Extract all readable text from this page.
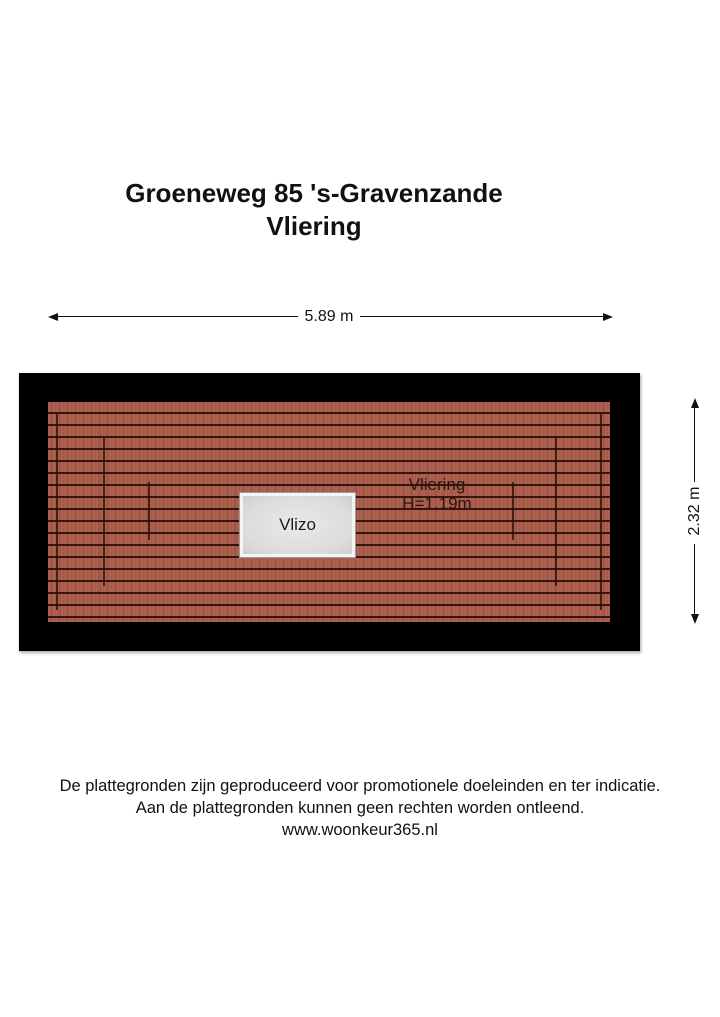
Groeneweg 85 's-Gravenzande
Vliering
5.89 m
2.32 m
Vlizo
Vliering
H=1.19m
De plattegronden zijn geproduceerd voor promotionele doeleinden en ter indicatie.
Aan de plattegronden kunnen geen rechten worden ontleend.
www.woonkeur365.nl
